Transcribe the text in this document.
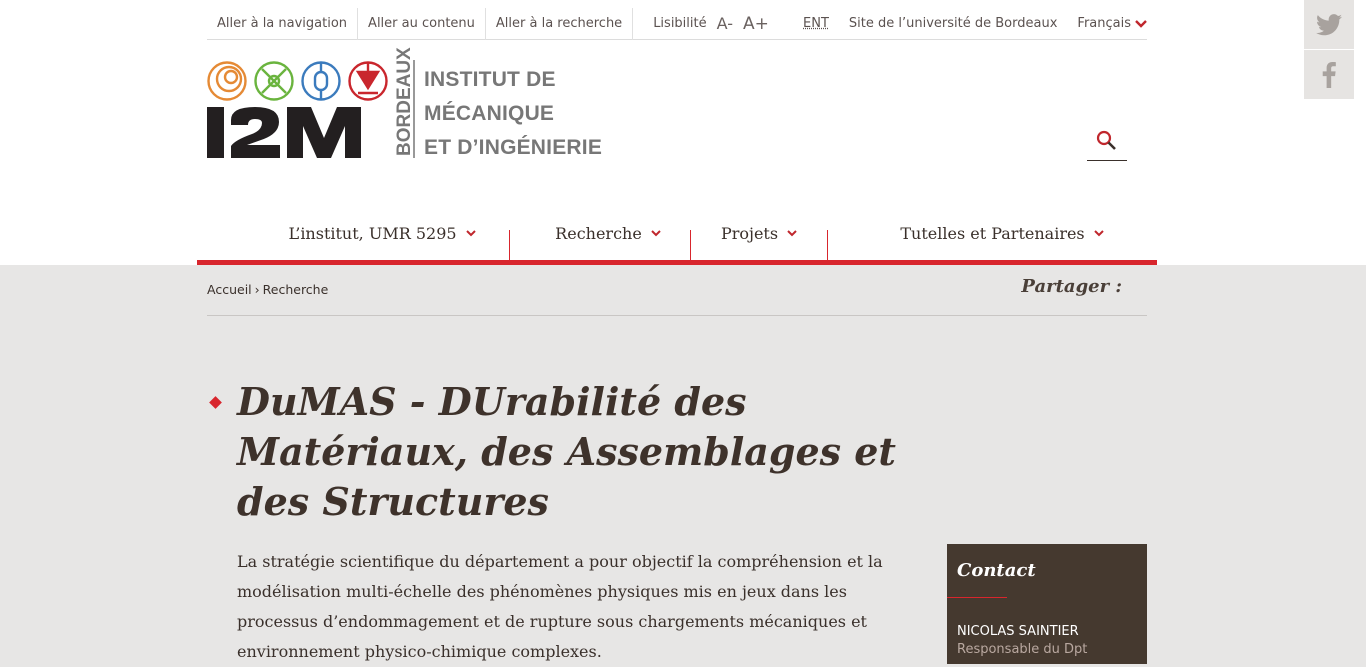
Aller à la navigation	Aller au contenu	Aller à la recherche	Lisibilité A- A+	ENT Site de l’université de Bordeaux Français
BORDEAUX INSTITUT DE
MÉCANIQUE
ET D’INGÉNIERIE
L’institut, UMR 5295	Recherche	Projets	Tutelles et Partenaires
Accueil › Recherche	Partager :
DuMAS - DUrabilité des Matériaux, des Assemblages et des Structures

La stratégie scientifique du département a pour objectif la compréhension et la modélisation multi-échelle des phénomènes physiques mis en jeux dans les processus d’endommagement et de rupture sous chargements mécaniques et environnement physico-chimique complexes.

Contact
NICOLAS SAINTIER
Responsable du Dpt
